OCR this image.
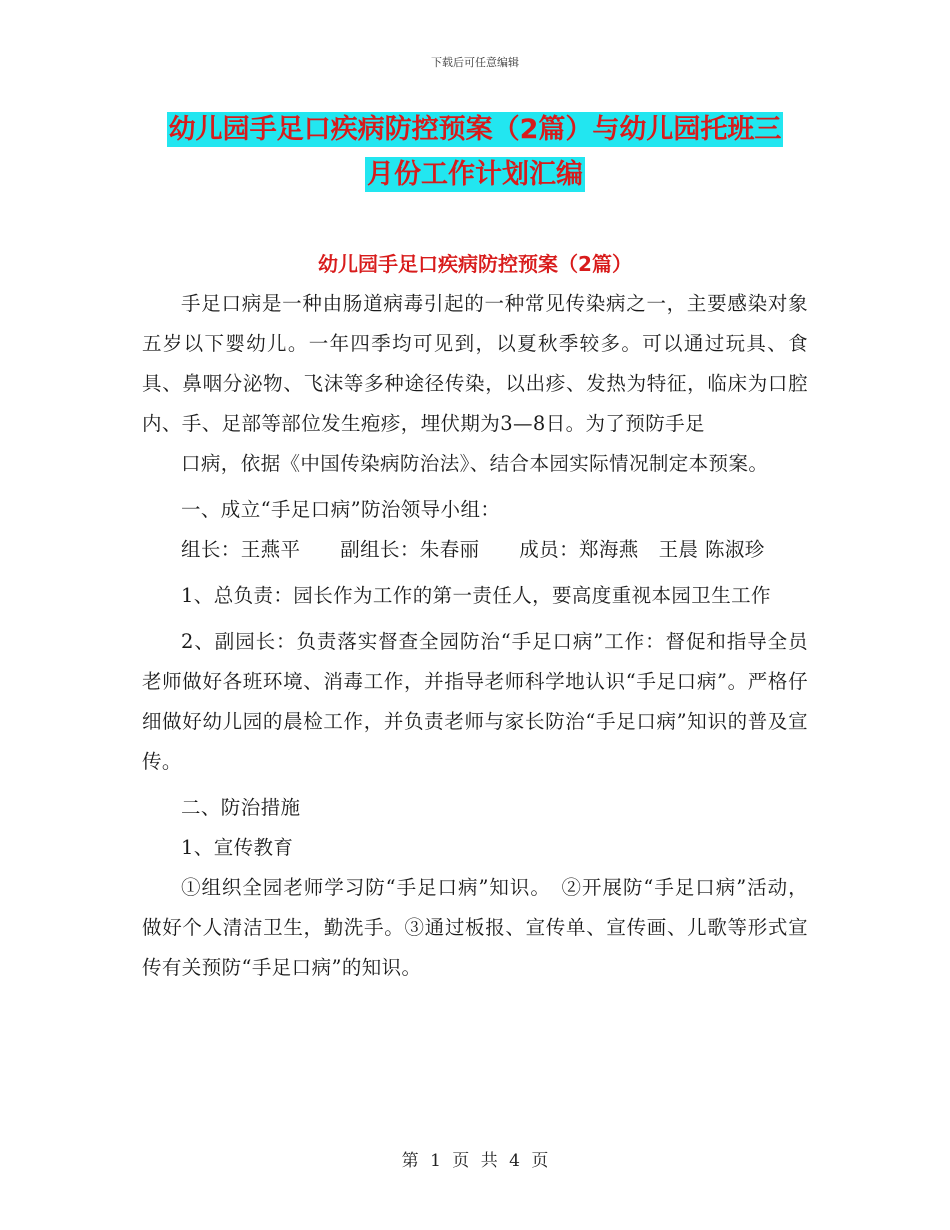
下载后可任意编辑
幼儿园手足口疾病防控预案（2篇）与幼儿园托班三
月份工作计划汇编
幼儿园手足口疾病防控预案（2篇）

手足口病是一种由肠道病毒引起的一种常见传染病之一，主要感染对象五岁以下婴幼儿。一年四季均可见到，以夏秋季较多。可以通过玩具、食具、鼻咽分泌物、飞沫等多种途径传染，以出疹、发热为特征，临床为口腔内、手、足部等部位发生疱疹，埋伏期为3—8日。为了预防手足

口病，依据《中国传染病防治法》、结合本园实际情况制定本预案。

一、成立“手足口病”防治领导小组：

组长：王燕平　　副组长：朱春丽　　成员：郑海燕　王晨 陈淑珍

1、总负责：园长作为工作的第一责任人，要高度重视本园卫生工作

2、副园长：负责落实督查全园防治“手足口病”工作：督促和指导全员老师做好各班环境、消毒工作，并指导老师科学地认识“手足口病”。严格仔细做好幼儿园的晨检工作，并负责老师与家长防治“手足口病”知识的普及宣传。

二、防治措施

1、宣传教育

①组织全园老师学习防“手足口病”知识。　②开展防“手足口病”活动，做好个人清洁卫生，勤洗手。③通过板报、宣传单、宣传画、儿歌等形式宣传有关预防“手足口病”的知识。

第 1 页 共 4 页
